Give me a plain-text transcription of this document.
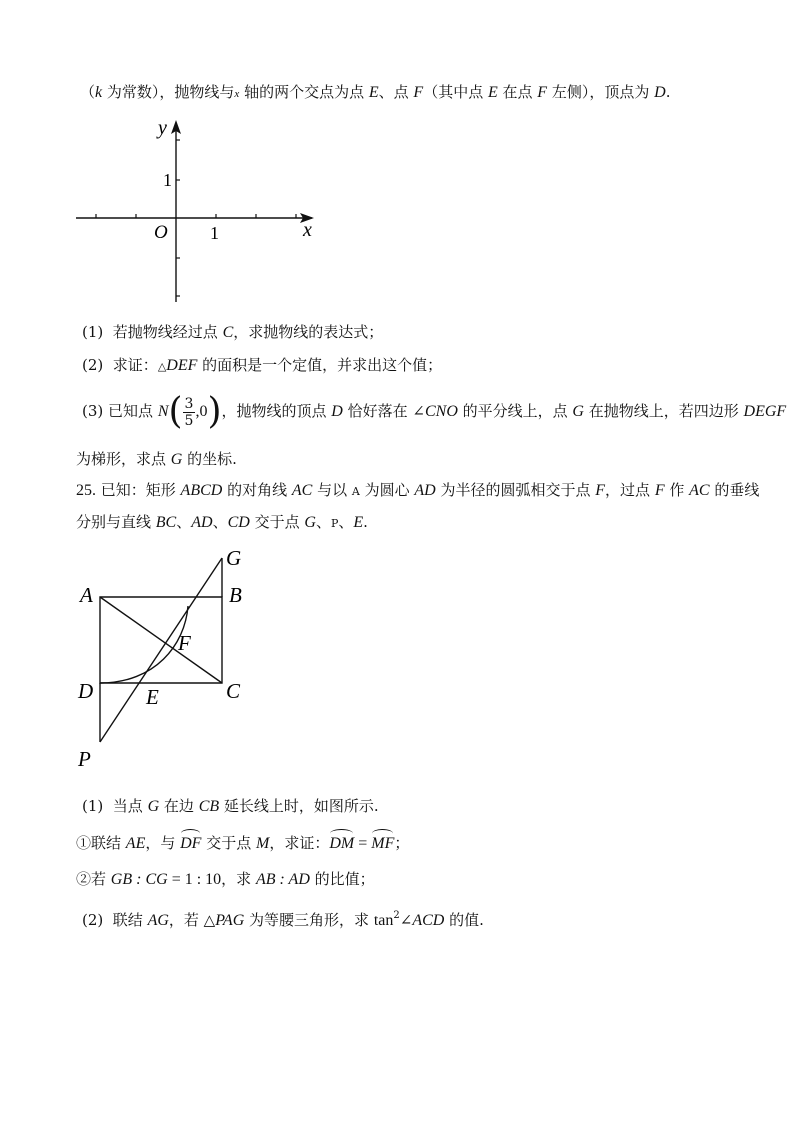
（k 为常数），抛物线与x 轴的两个交点为点 E、点 F（其中点 E 在点 F 左侧），顶点为 D.
y
1
O 1	x
(1) 若抛物线经过点 C，求抛物线的表达式；
(2) 求证：△DEF 的面积是一个定值，并求出这个值；
(3) 已知点 $N( \frac{3}{5} ,0)$，抛物线的顶点 D 恰好落在 ∠CNO 的平分线上，点 G 在抛物线上，若四边形 DEGF
为梯形，求点 G 的坐标.
25. 已知：矩形 ABCD 的对角线 AC 与以 A 为圆心 AD 为半径的圆弧相交于点 F，过点 F 作 AC 的垂线
分别与直线 BC、AD、CD 交于点 G、P、E.
A	B
C
D	E
F
G
P
(1) 当点 G 在边 CB 延长线上时，如图所示.
①联结 AE，与 DF 交于点 M，求证：DM = MF；
②若 GB : CG = 1 : 10，求 AB : AD 的比值；
(2) 联结 AG，若 △PAG 为等腰三角形，求 $\tan^2\angle ACD$ 的值.
